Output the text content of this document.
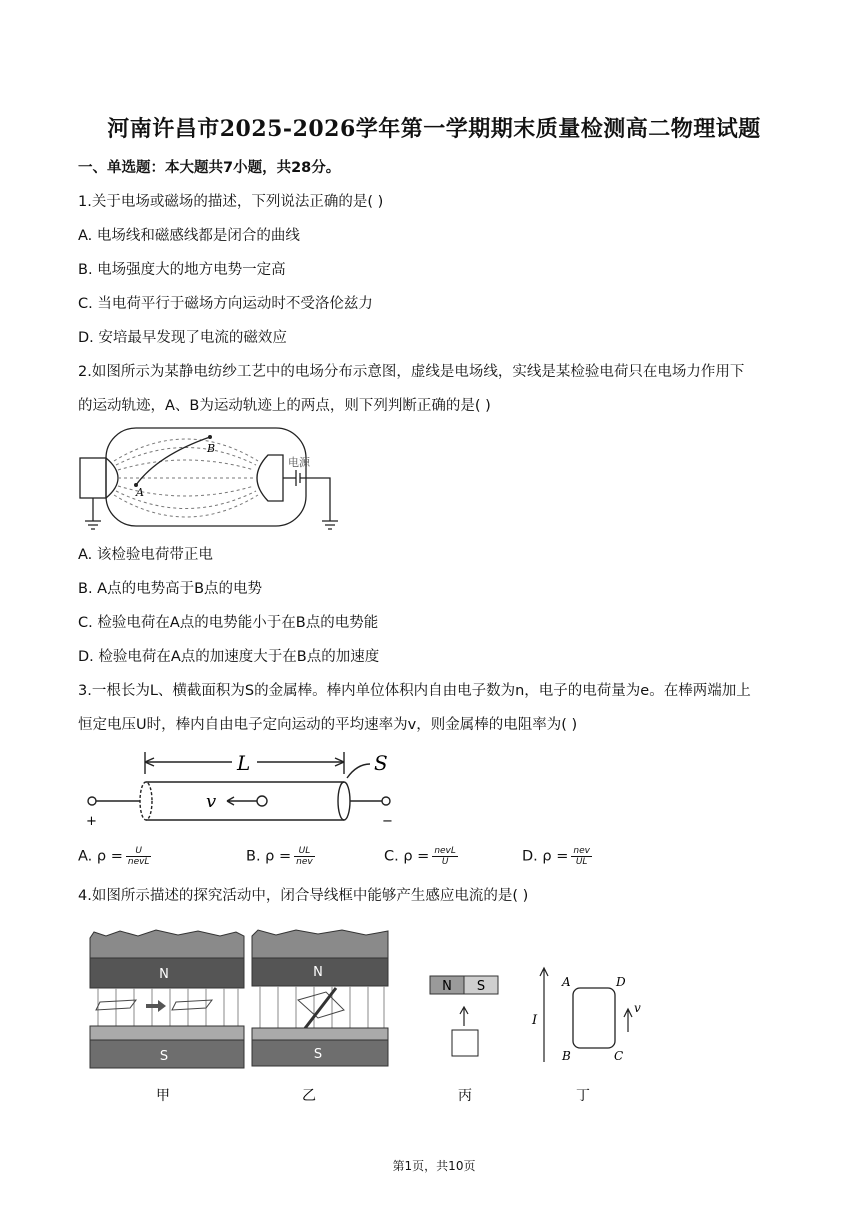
河南许昌市2025-2026学年第一学期期末质量检测高二物理试题
一、单选题：本大题共7小题，共28分。
1.关于电场或磁场的描述，下列说法正确的是( )
A. 电场线和磁感线都是闭合的曲线
B. 电场强度大的地方电势一定高
C. 当电荷平行于磁场方向运动时不受洛伦兹力
D. 安培最早发现了电流的磁效应
2.如图所示为某静电纺纱工艺中的电场分布示意图，虚线是电场线，实线是某检验电荷只在电场力作用下
的运动轨迹，A、B为运动轨迹上的两点，则下列判断正确的是( )
A
B
电源
A. 该检验电荷带正电
B. A点的电势高于B点的电势
C. 检验电荷在A点的电势能小于在B点的电势能
D. 检验电荷在A点的加速度大于在B点的加速度
3.一根长为L、横截面积为S的金属棒。棒内单位体积内自由电子数为n，电子的电荷量为e。在棒两端加上
恒定电压U时，棒内自由电子定向运动的平均速率为v，则金属棒的电阻率为( )
L	S
v
+	−
A. $\rho = \frac{U}{\text{nevL}}$	B. $\rho = \frac{UL}{\text{nev}}$	C. $\rho = \frac{\text{nevL}}{U}$	D. $\rho = \frac{\text{nev}}{UL}$
4.如图所示描述的探究活动中，闭合导线框中能够产生感应电流的是( )
N
S
甲
N
S
乙
N S
丙
I
A	D
B	C
v
丁
第1页，共10页
